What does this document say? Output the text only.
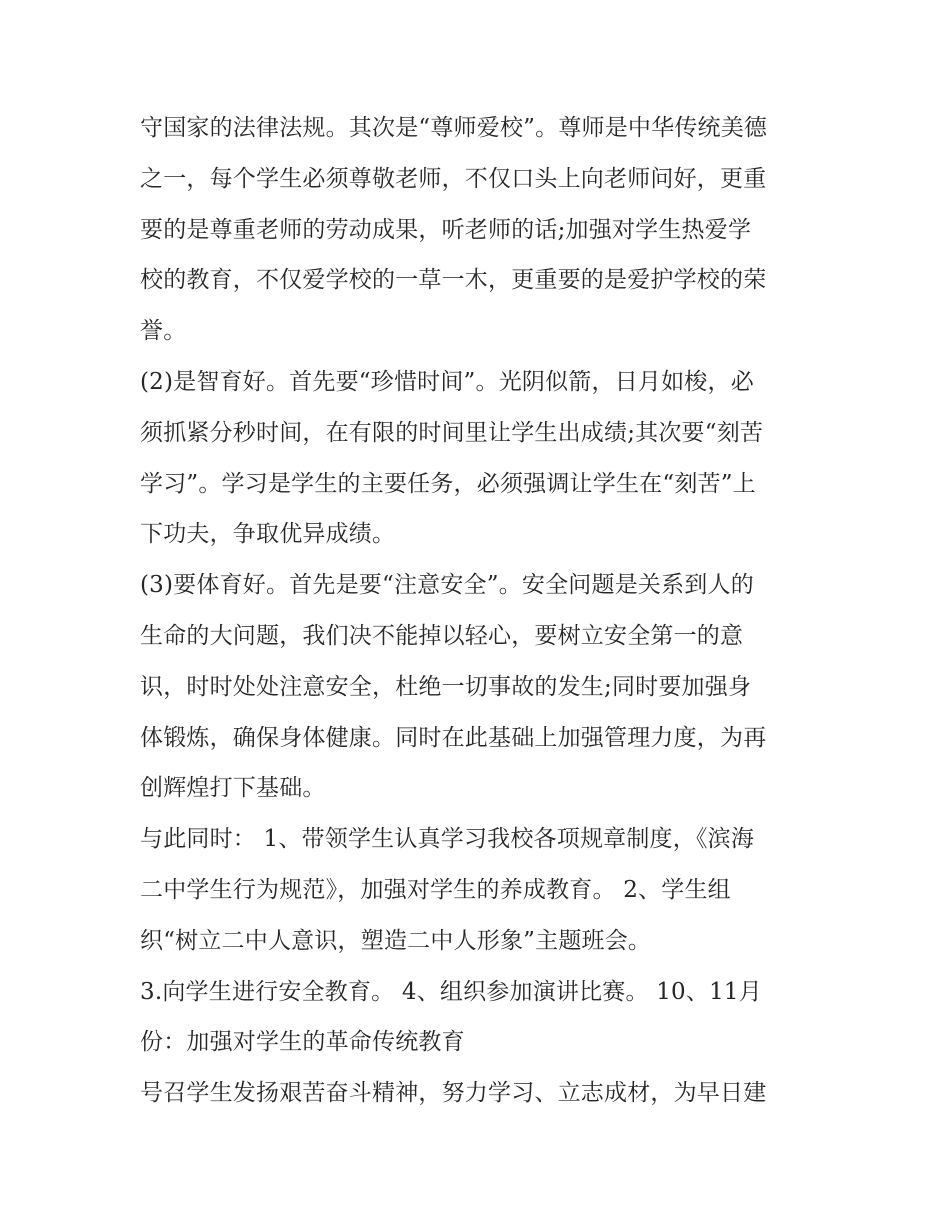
守国家的法律法规。其次是“尊师爱校”。尊师是中华传统美德
之一，每个学生必须尊敬老师，不仅口头上向老师问好，更重
要的是尊重老师的劳动成果，听老师的话;加强对学生热爱学
校的教育，不仅爱学校的一草一木，更重要的是爱护学校的荣
誉。
(2)是智育好。首先要“珍惜时间”。光阴似箭，日月如梭，必
须抓紧分秒时间，在有限的时间里让学生出成绩;其次要“刻苦
学习”。学习是学生的主要任务，必须强调让学生在“刻苦”上
下功夫，争取优异成绩。
(3)要体育好。首先是要“注意安全”。安全问题是关系到人的
生命的大问题，我们决不能掉以轻心，要树立安全第一的意
识，时时处处注意安全，杜绝一切事故的发生;同时要加强身
体锻炼，确保身体健康。同时在此基础上加强管理力度，为再
创辉煌打下基础。
与此同时： 1、带领学生认真学习我校各项规章制度，《滨海
二中学生行为规范》，加强对学生的养成教育。 2、学生组
织“树立二中人意识，塑造二中人形象”主题班会。
3.向学生进行安全教育。 4、组织参加演讲比赛。 10、11月
份：加强对学生的革命传统教育
号召学生发扬艰苦奋斗精神，努力学习、立志成材，为早日建
